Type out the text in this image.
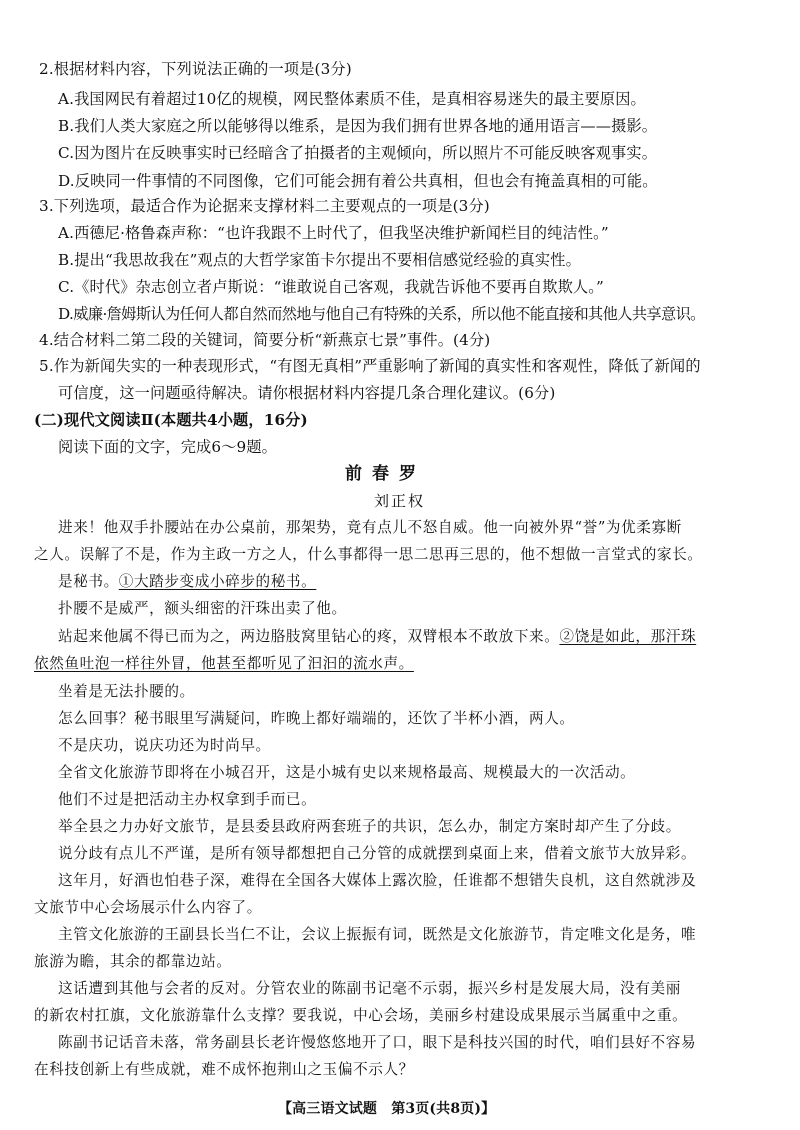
2.根据材料内容，下列说法正确的一项是(3分)

A.我国网民有着超过10亿的规模，网民整体素质不佳，是真相容易迷失的最主要原因。

B.我们人类大家庭之所以能够得以维系，是因为我们拥有世界各地的通用语言——摄影。

C.因为图片在反映事实时已经暗含了拍摄者的主观倾向，所以照片不可能反映客观事实。

D.反映同一件事情的不同图像，它们可能会拥有着公共真相，但也会有掩盖真相的可能。

3.下列选项，最适合作为论据来支撑材料二主要观点的一项是(3分)

A.西德尼·格鲁森声称：“也许我跟不上时代了，但我坚决维护新闻栏目的纯洁性。”

B.提出“我思故我在”观点的大哲学家笛卡尔提出不要相信感觉经验的真实性。

C.《时代》杂志创立者卢斯说：“谁敢说自己客观，我就告诉他不要再自欺欺人。”

D.威廉·詹姆斯认为任何人都自然而然地与他自己有特殊的关系，所以他不能直接和其他人共享意识。

4.结合材料二第二段的关键词，简要分析“新燕京七景”事件。(4分)

5.作为新闻失实的一种表现形式，“有图无真相”严重影响了新闻的真实性和客观性，降低了新闻的

可信度，这一问题亟待解决。请你根据材料内容提几条合理化建议。(6分)

(二)现代文阅读Ⅱ(本题共4小题，16分)

阅读下面的文字，完成6～9题。

前春罗

刘正权

进来！他双手扑腰站在办公桌前，那架势，竟有点儿不怒自威。他一向被外界“誉”为优柔寡断

之人。误解了不是，作为主政一方之人，什么事都得一思二思再三思的，他不想做一言堂式的家长。

是秘书。①大踏步变成小碎步的秘书。

扑腰不是威严，额头细密的汗珠出卖了他。

站起来他属不得已而为之，两边胳肢窝里钻心的疼，双臂根本不敢放下来。②饶是如此，那汗珠

依然鱼吐泡一样往外冒，他甚至都听见了汩汩的流水声。

坐着是无法扑腰的。

怎么回事？秘书眼里写满疑问，昨晚上都好端端的，还饮了半杯小酒，两人。

不是庆功，说庆功还为时尚早。

全省文化旅游节即将在小城召开，这是小城有史以来规格最高、规模最大的一次活动。

他们不过是把活动主办权拿到手而已。

举全县之力办好文旅节，是县委县政府两套班子的共识，怎么办，制定方案时却产生了分歧。

说分歧有点儿不严谨，是所有领导都想把自己分管的成就摆到桌面上来，借着文旅节大放异彩。

这年月，好酒也怕巷子深，难得在全国各大媒体上露次脸，任谁都不想错失良机，这自然就涉及

文旅节中心会场展示什么内容了。

主管文化旅游的王副县长当仁不让，会议上振振有词，既然是文化旅游节，肯定唯文化是务，唯

旅游为瞻，其余的都靠边站。

这话遭到其他与会者的反对。分管农业的陈副书记毫不示弱，振兴乡村是发展大局，没有美丽

的新农村扛旗，文化旅游靠什么支撑？要我说，中心会场，美丽乡村建设成果展示当属重中之重。

陈副书记话音未落，常务副县长老许慢悠悠地开了口，眼下是科技兴国的时代，咱们县好不容易

在科技创新上有些成就，难不成怀抱荆山之玉偏不示人？

【高三语文试题　第3页(共8页)】
